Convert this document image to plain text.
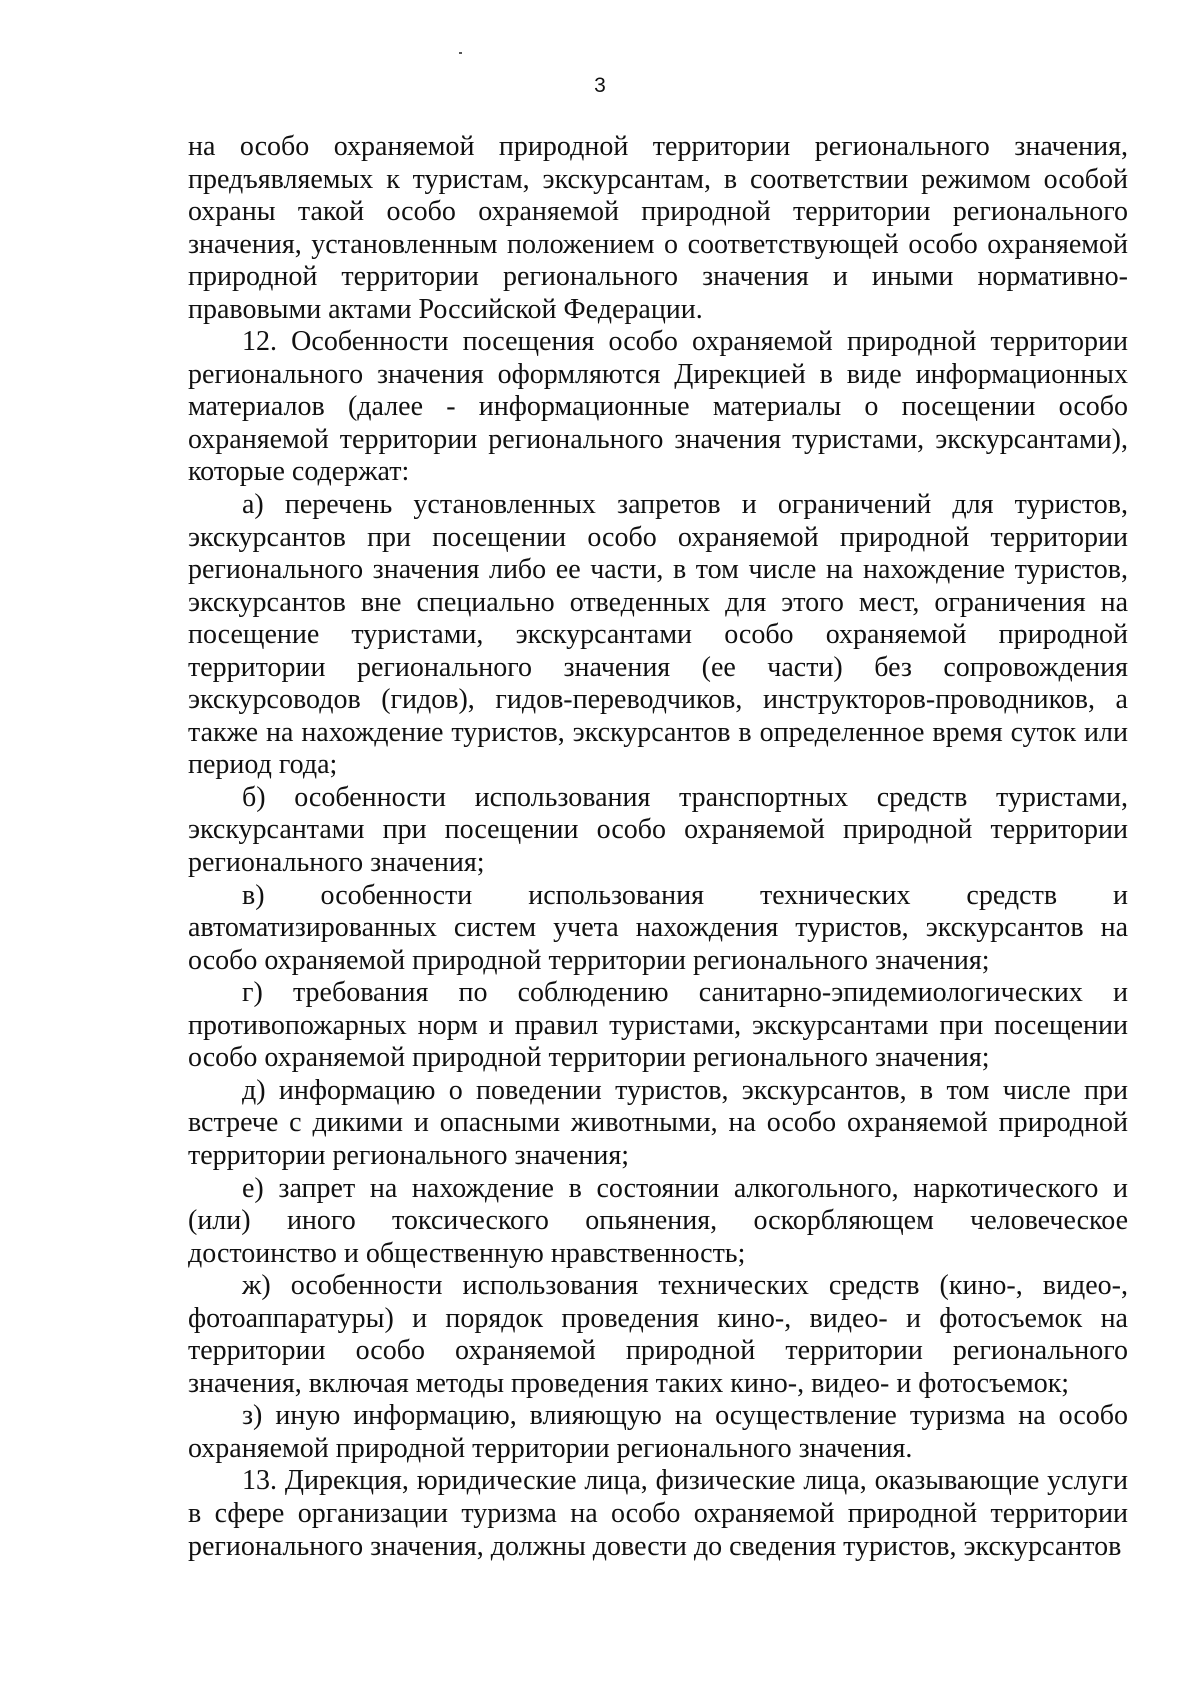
3

на особо охраняемой природной территории регионального значения, предъявляемых к туристам, экскурсантам, в соответствии режимом особой охраны такой особо охраняемой природной территории регионального значения, установленным положением о соответствующей особо охраняемой природной территории регионального значения и иными нормативно-правовыми актами Российской Федерации.

12. Особенности посещения особо охраняемой природной территории регионального значения оформляются Дирекцией в виде информационных материалов (далее - информационные материалы о посещении особо охраняемой территории регионального значения туристами, экскурсантами), которые содержат:

а) перечень установленных запретов и ограничений для туристов, экскурсантов при посещении особо охраняемой природной территории регионального значения либо ее части, в том числе на нахождение туристов, экскурсантов вне специально отведенных для этого мест, ограничения на посещение туристами, экскурсантами особо охраняемой природной территории регионального значения (ее части) без сопровождения экскурсоводов (гидов), гидов-переводчиков, инструкторов-проводников, а также на нахождение туристов, экскурсантов в определенное время суток или период года;

б) особенности использования транспортных средств туристами, экскурсантами при посещении особо охраняемой природной территории регионального значения;

в) особенности использования технических средств и автоматизированных систем учета нахождения туристов, экскурсантов на особо охраняемой природной территории регионального значения;

г) требования по соблюдению санитарно-эпидемиологических и противопожарных норм и правил туристами, экскурсантами при посещении особо охраняемой природной территории регионального значения;

д) информацию о поведении туристов, экскурсантов, в том числе при встрече с дикими и опасными животными, на особо охраняемой природной территории регионального значения;

е) запрет на нахождение в состоянии алкогольного, наркотического и (или) иного токсического опьянения, оскорбляющем человеческое достоинство и общественную нравственность;

ж) особенности использования технических средств (кино-, видео-, фотоаппаратуры) и порядок проведения кино-, видео- и фотосъемок на территории особо охраняемой природной территории регионального значения, включая методы проведения таких кино-, видео- и фотосъемок;

з) иную информацию, влияющую на осуществление туризма на особо охраняемой природной территории регионального значения.

13. Дирекция, юридические лица, физические лица, оказывающие услуги в сфере организации туризма на особо охраняемой природной территории регионального значения, должны довести до сведения туристов, экскурсантов
